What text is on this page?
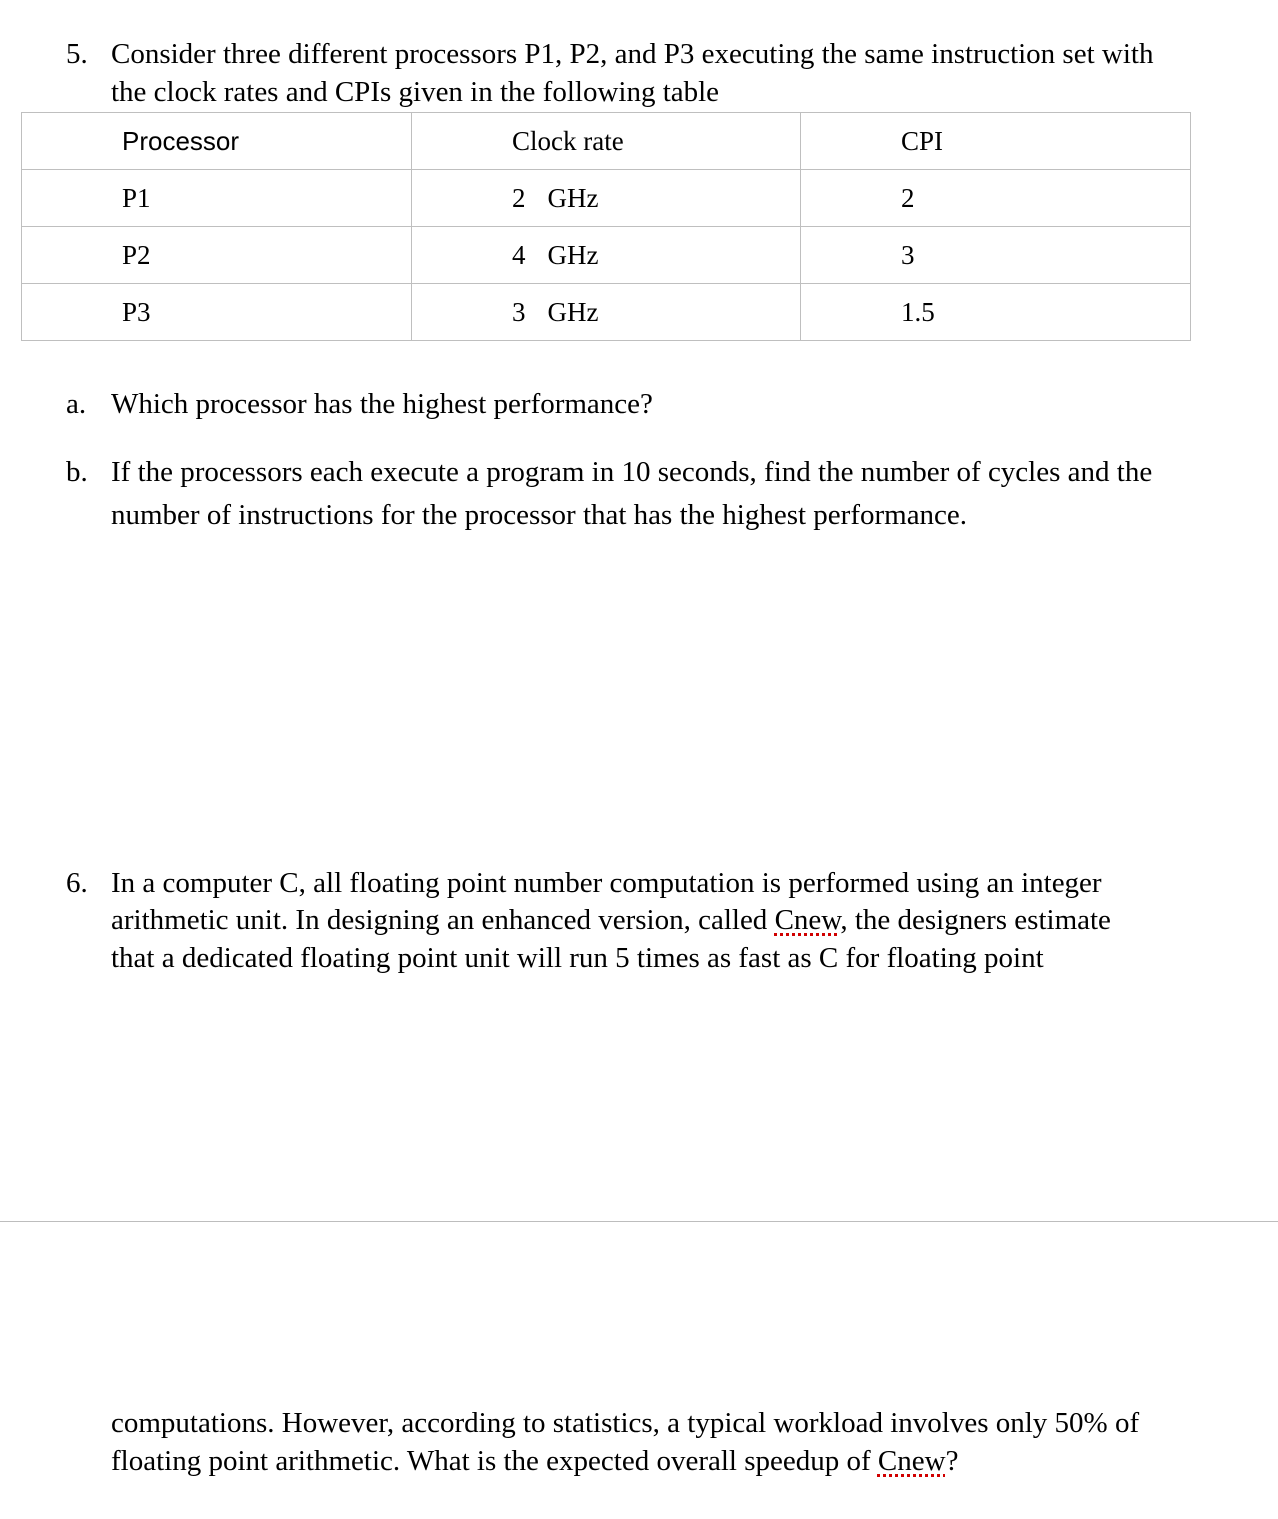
5. Consider three different processors P1, P2, and P3 executing the same instruction set with
the clock rates and CPIs given in the following table
Processor	Clock rate	CPI
P1	2 GHz	2
P2	4 GHz	3
P3	3 GHz	1.5
a. Which processor has the highest performance?
b. If the processors each execute a program in 10 seconds, find the number of cycles and the
number of instructions for the processor that has the highest performance.
6. In a computer C, all floating point number computation is performed using an integer
arithmetic unit. In designing an enhanced version, called Cnew, the designers estimate
that a dedicated floating point unit will run 5 times as fast as C for floating point
computations. However, according to statistics, a typical workload involves only 50% of
floating point arithmetic. What is the expected overall speedup of Cnew?
